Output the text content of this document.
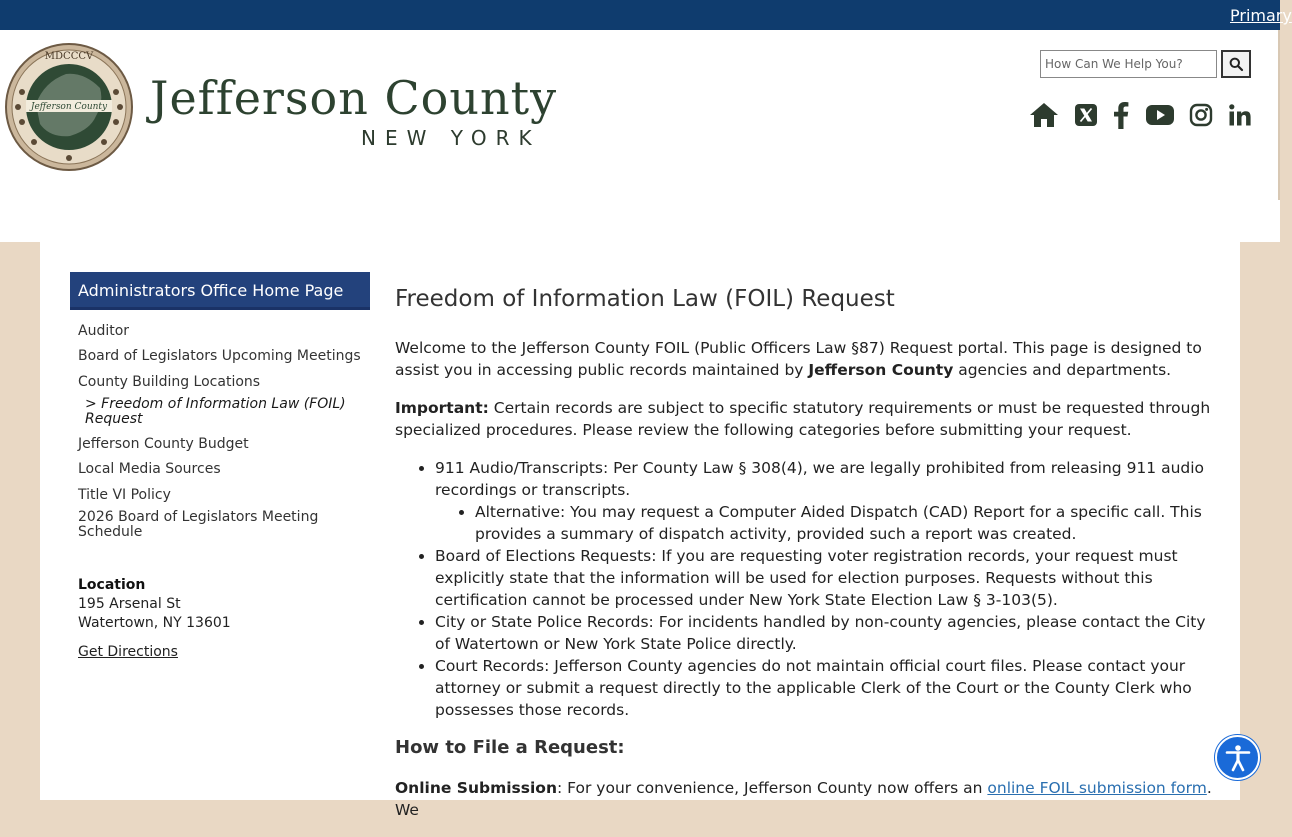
Primary
MDCCCV
Jefferson County Jefferson County
NEW YORK
How Can We Help You?
Administrators Office Home Page
Auditor
Board of Legislators Upcoming Meetings
County Building Locations
> Freedom of Information Law (FOIL) Request
Jefferson County Budget
Local Media Sources
Title VI Policy
2026 Board of Legislators Meeting Schedule
Location
195 Arsenal St
Watertown, NY 13601
Get Directions
Freedom of Information Law (FOIL) Request

Welcome to the Jefferson County FOIL (Public Officers Law §87) Request portal. This page is designed to assist you in accessing public records maintained by Jefferson County agencies and departments.

Important: Certain records are subject to specific statutory requirements or must be requested through specialized procedures. Please review the following categories before submitting your request.

• 911 Audio/Transcripts: Per County Law § 308(4), we are legally prohibited from releasing 911 audio recordings or transcripts.
• Alternative: You may request a Computer Aided Dispatch (CAD) Report for a specific call. This provides a summary of dispatch activity, provided such a report was created.
• Board of Elections Requests: If you are requesting voter registration records, your request must explicitly state that the information will be used for election purposes. Requests without this certification cannot be processed under New York State Election Law § 3-103(5).
• City or State Police Records: For incidents handled by non-county agencies, please contact the City of Watertown or New York State Police directly.
• Court Records: Jefferson County agencies do not maintain official court files. Please contact your attorney or submit a request directly to the applicable Clerk of the Court or the County Clerk who possesses those records.
How to File a Request:

Online Submission: For your convenience, Jefferson County now offers an online FOIL submission form. We
